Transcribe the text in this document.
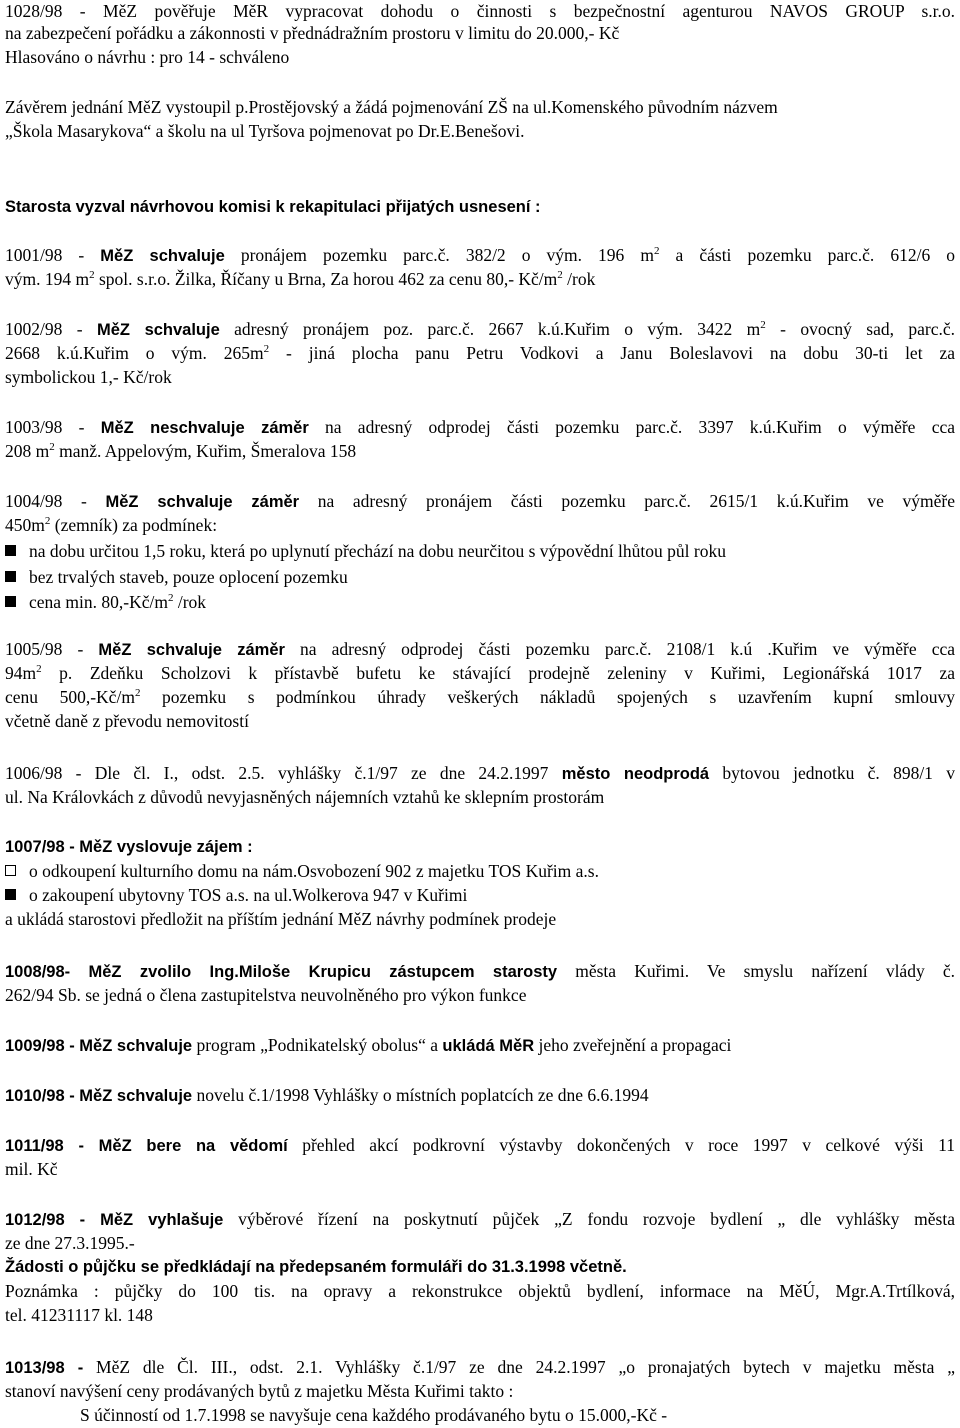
1028/98 - MěZ pověřuje MěR vypracovat dohodu o činnosti s bezpečnostní agenturou NAVOS GROUP s.r.o.
na zabezpečení pořádku a zákonnosti v přednádražním prostoru v limitu do 20.000,- Kč
Hlasováno o návrhu : pro 14 - schváleno
Závěrem jednání MěZ vystoupil p.Prostějovský a žádá pojmenování ZŠ na ul.Komenského původním názvem
„Škola Masarykova“ a školu na ul Tyršova pojmenovat po Dr.E.Benešovi.
Starosta vyzval návrhovou komisi k rekapitulaci přijatých usnesení :
1001/98 - MěZ schvaluje pronájem pozemku parc.č. 382/2 o vým. 196 $m^2$ a části pozemku parc.č. 612/6 o
vým. 194 $m^2$ spol. s.r.o. Žilka, Říčany u Brna, Za horou 462 za cenu 80,- $Kč/m^2$ /rok
1002/98 - MěZ schvaluje adresný pronájem poz. parc.č. 2667 k.ú.Kuřim o vým. 3422 $m^2$ - ovocný sad, parc.č.
2668 k.ú.Kuřim o vým. $265m^2$ - jiná plocha panu Petru Vodkovi a Janu Boleslavovi na dobu 30-ti let za
symbolickou 1,- Kč/rok
1003/98 - MěZ neschvaluje záměr na adresný odprodej části pozemku parc.č. 3397 k.ú.Kuřim o výměře cca
208 $m^2$ manž. Appelovým, Kuřim, Šmeralova 158
1004/98 - MěZ schvaluje záměr na adresný pronájem části pozemku parc.č. 2615/1 k.ú.Kuřim ve výměře
$450m^2$ (zemník) za podmínek:
na dobu určitou 1,5 roku, která po uplynutí přechází na dobu neurčitou s výpovědní lhůtou půl roku
bez trvalých staveb, pouze oplocení pozemku
cena min. $80,-Kč/m^2$ /rok
1005/98 - MěZ schvaluje záměr na adresný odprodej části pozemku parc.č. 2108/1 k.ú .Kuřim ve výměře cca
$94m^2$ p. Zdeňku Scholzovi k přístavbě bufetu ke stávající prodejně zeleniny v Kuřimi, Legionářská 1017 za
cenu $500,-Kč/m^2$ pozemku s podmínkou úhrady veškerých nákladů spojených s uzavřením kupní smlouvy
včetně daně z převodu nemovitostí
1006/98 - Dle čl. I., odst. 2.5. vyhlášky č.1/97 ze dne 24.2.1997 město neodprodá bytovou jednotku č. 898/1 v
ul. Na Královkách z důvodů nevyjasněných nájemních vztahů ke sklepním prostorám
1007/98 - MěZ vyslovuje zájem :
o odkoupení kulturního domu na nám.Osvobození 902 z majetku TOS Kuřim a.s.
o zakoupení ubytovny TOS a.s. na ul.Wolkerova 947 v Kuřimi
a ukládá starostovi předložit na příštím jednání MěZ návrhy podmínek prodeje
1008/98- MěZ zvolilo Ing.Miloše Krupicu zástupcem starosty města Kuřimi. Ve smyslu nařízení vlády č.
262/94 Sb. se jedná o člena zastupitelstva neuvolněného pro výkon funkce
1009/98 - MěZ schvaluje program „Podnikatelský obolus“ a ukládá MěR jeho zveřejnění a propagaci
1010/98 - MěZ schvaluje novelu č.1/1998 Vyhlášky o místních poplatcích ze dne 6.6.1994
1011/98 - MěZ bere na vědomí přehled akcí podkrovní výstavby dokončených v roce 1997 v celkové výši 11
mil. Kč
1012/98 - MěZ vyhlašuje výběrové řízení na poskytnutí půjček „Z fondu rozvoje bydlení „ dle vyhlášky města
ze dne 27.3.1995.-
Žádosti o půjčku se předkládají na předepsaném formuláři do 31.3.1998 včetně.
Poznámka : půjčky do 100 tis. na opravy a rekonstrukce objektů bydlení, informace na MěÚ, Mgr.A.Trtílková,
tel. 41231117 kl. 148
1013/98 - MěZ dle Čl. III., odst. 2.1. Vyhlášky č.1/97 ze dne 24.2.1997 „o pronajatých bytech v majetku města „
stanoví navýšení ceny prodávaných bytů z majetku Města Kuřimi takto :
S účinností od 1.7.1998 se navyšuje cena každého prodávaného bytu o 15.000,-Kč -
